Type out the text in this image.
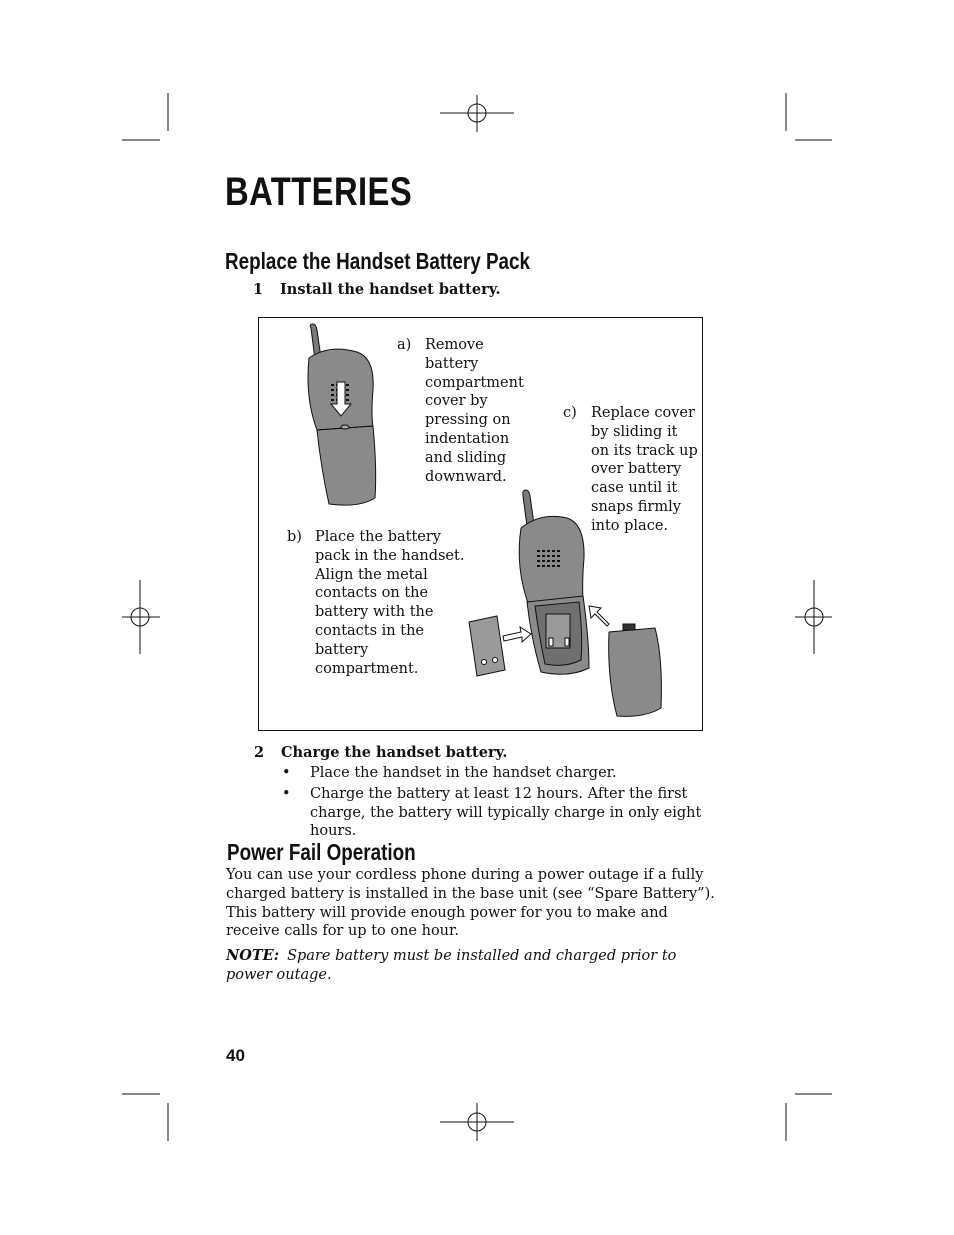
BATTERIES
Replace the Handset Battery Pack
1 Install the handset battery.
a) Remove battery compartment cover by pressing on indentation and sliding downward.
c) Replace cover by sliding it on its track up over battery case until it snaps firmly into place.
b) Place the battery pack in the handset. Align the metal contacts on the battery with the contacts in the battery compartment.
2 Charge the handset battery.
• Place the handset in the handset charger.
• Charge the battery at least 12 hours. After the first charge, the battery will typically charge in only eight hours.
Power Fail Operation
You can use your cordless phone during a power outage if a fully charged battery is installed in the base unit (see “Spare Battery”). This battery will provide enough power for you to make and receive calls for up to one hour.
NOTE: Spare battery must be installed and charged prior to power outage.
40
